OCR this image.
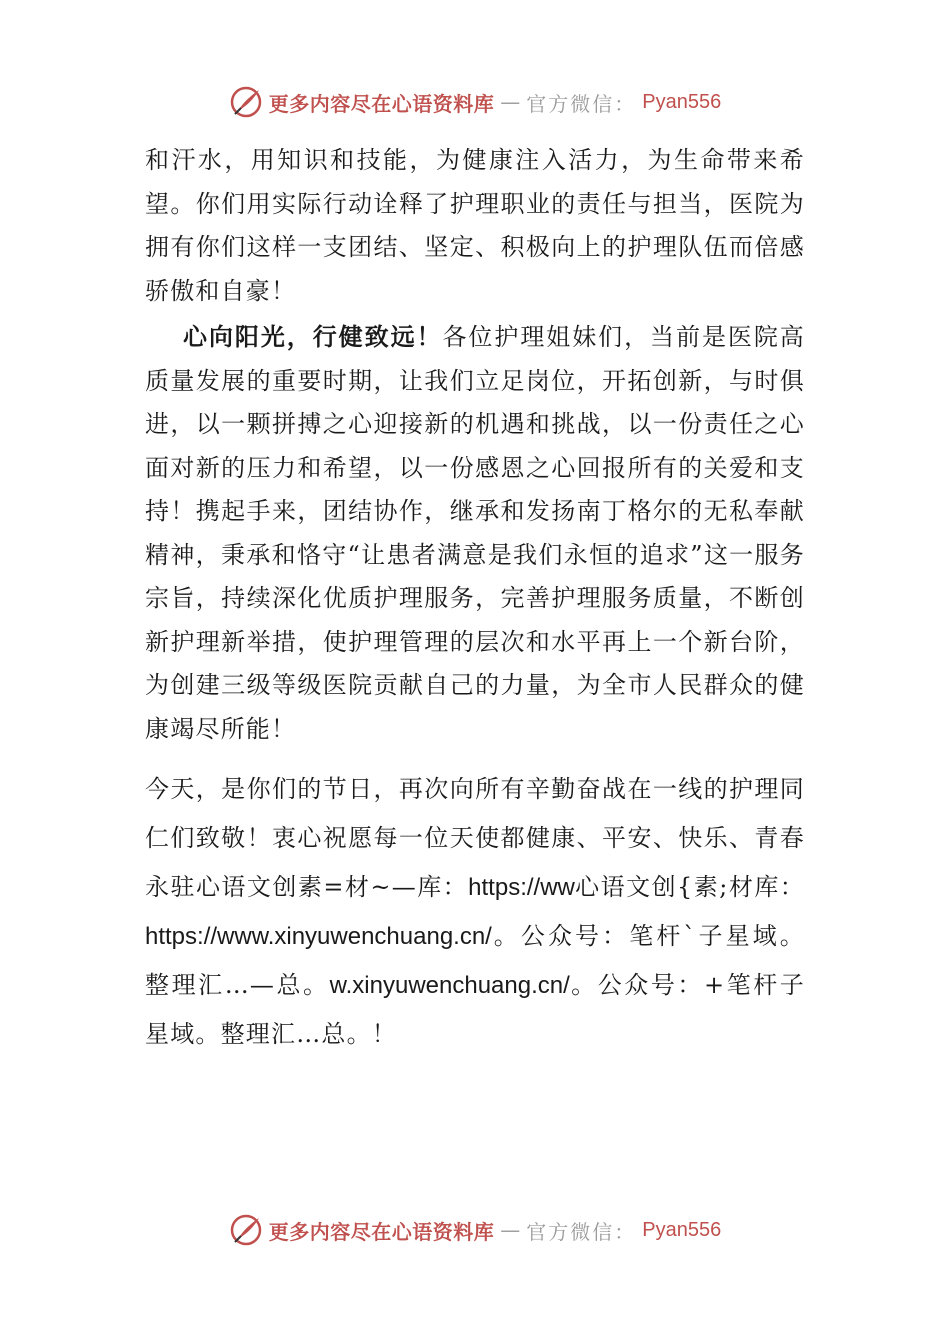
更多内容尽在心语资料库 — 官方微信： Pyan556

和汗水，用知识和技能，为健康注入活力，为生命带来希望。你们用实际行动诠释了护理职业的责任与担当，医院为拥有你们这样一支团结、坚定、积极向上的护理队伍而倍感骄傲和自豪！

心向阳光，行健致远！各位护理姐妹们，当前是医院高质量发展的重要时期，让我们立足岗位，开拓创新，与时俱进，以一颗拼搏之心迎接新的机遇和挑战，以一份责任之心面对新的压力和希望，以一份感恩之心回报所有的关爱和支持！携起手来，团结协作，继承和发扬南丁格尔的无私奉献精神，秉承和恪守“让患者满意是我们永恒的追求”这一服务宗旨，持续深化优质护理服务，完善护理服务质量，不断创新护理新举措，使护理管理的层次和水平再上一个新台阶，为创建三级等级医院贡献自己的力量，为全市人民群众的健康竭尽所能！

今天，是你们的节日，再次向所有辛勤奋战在一线的护理同仁们致敬！衷心祝愿每一位天使都健康、平安、快乐、青春永驻心语文创素=材~—库：https://ww心语文创{素;材库：https://www.xinyuwenchuang.cn/。公众号：笔杆`子星域。整理汇…—总。w.xinyuwenchuang.cn/。公众号：+笔杆子星域。整理汇…总。！

更多内容尽在心语资料库 — 官方微信： Pyan556
